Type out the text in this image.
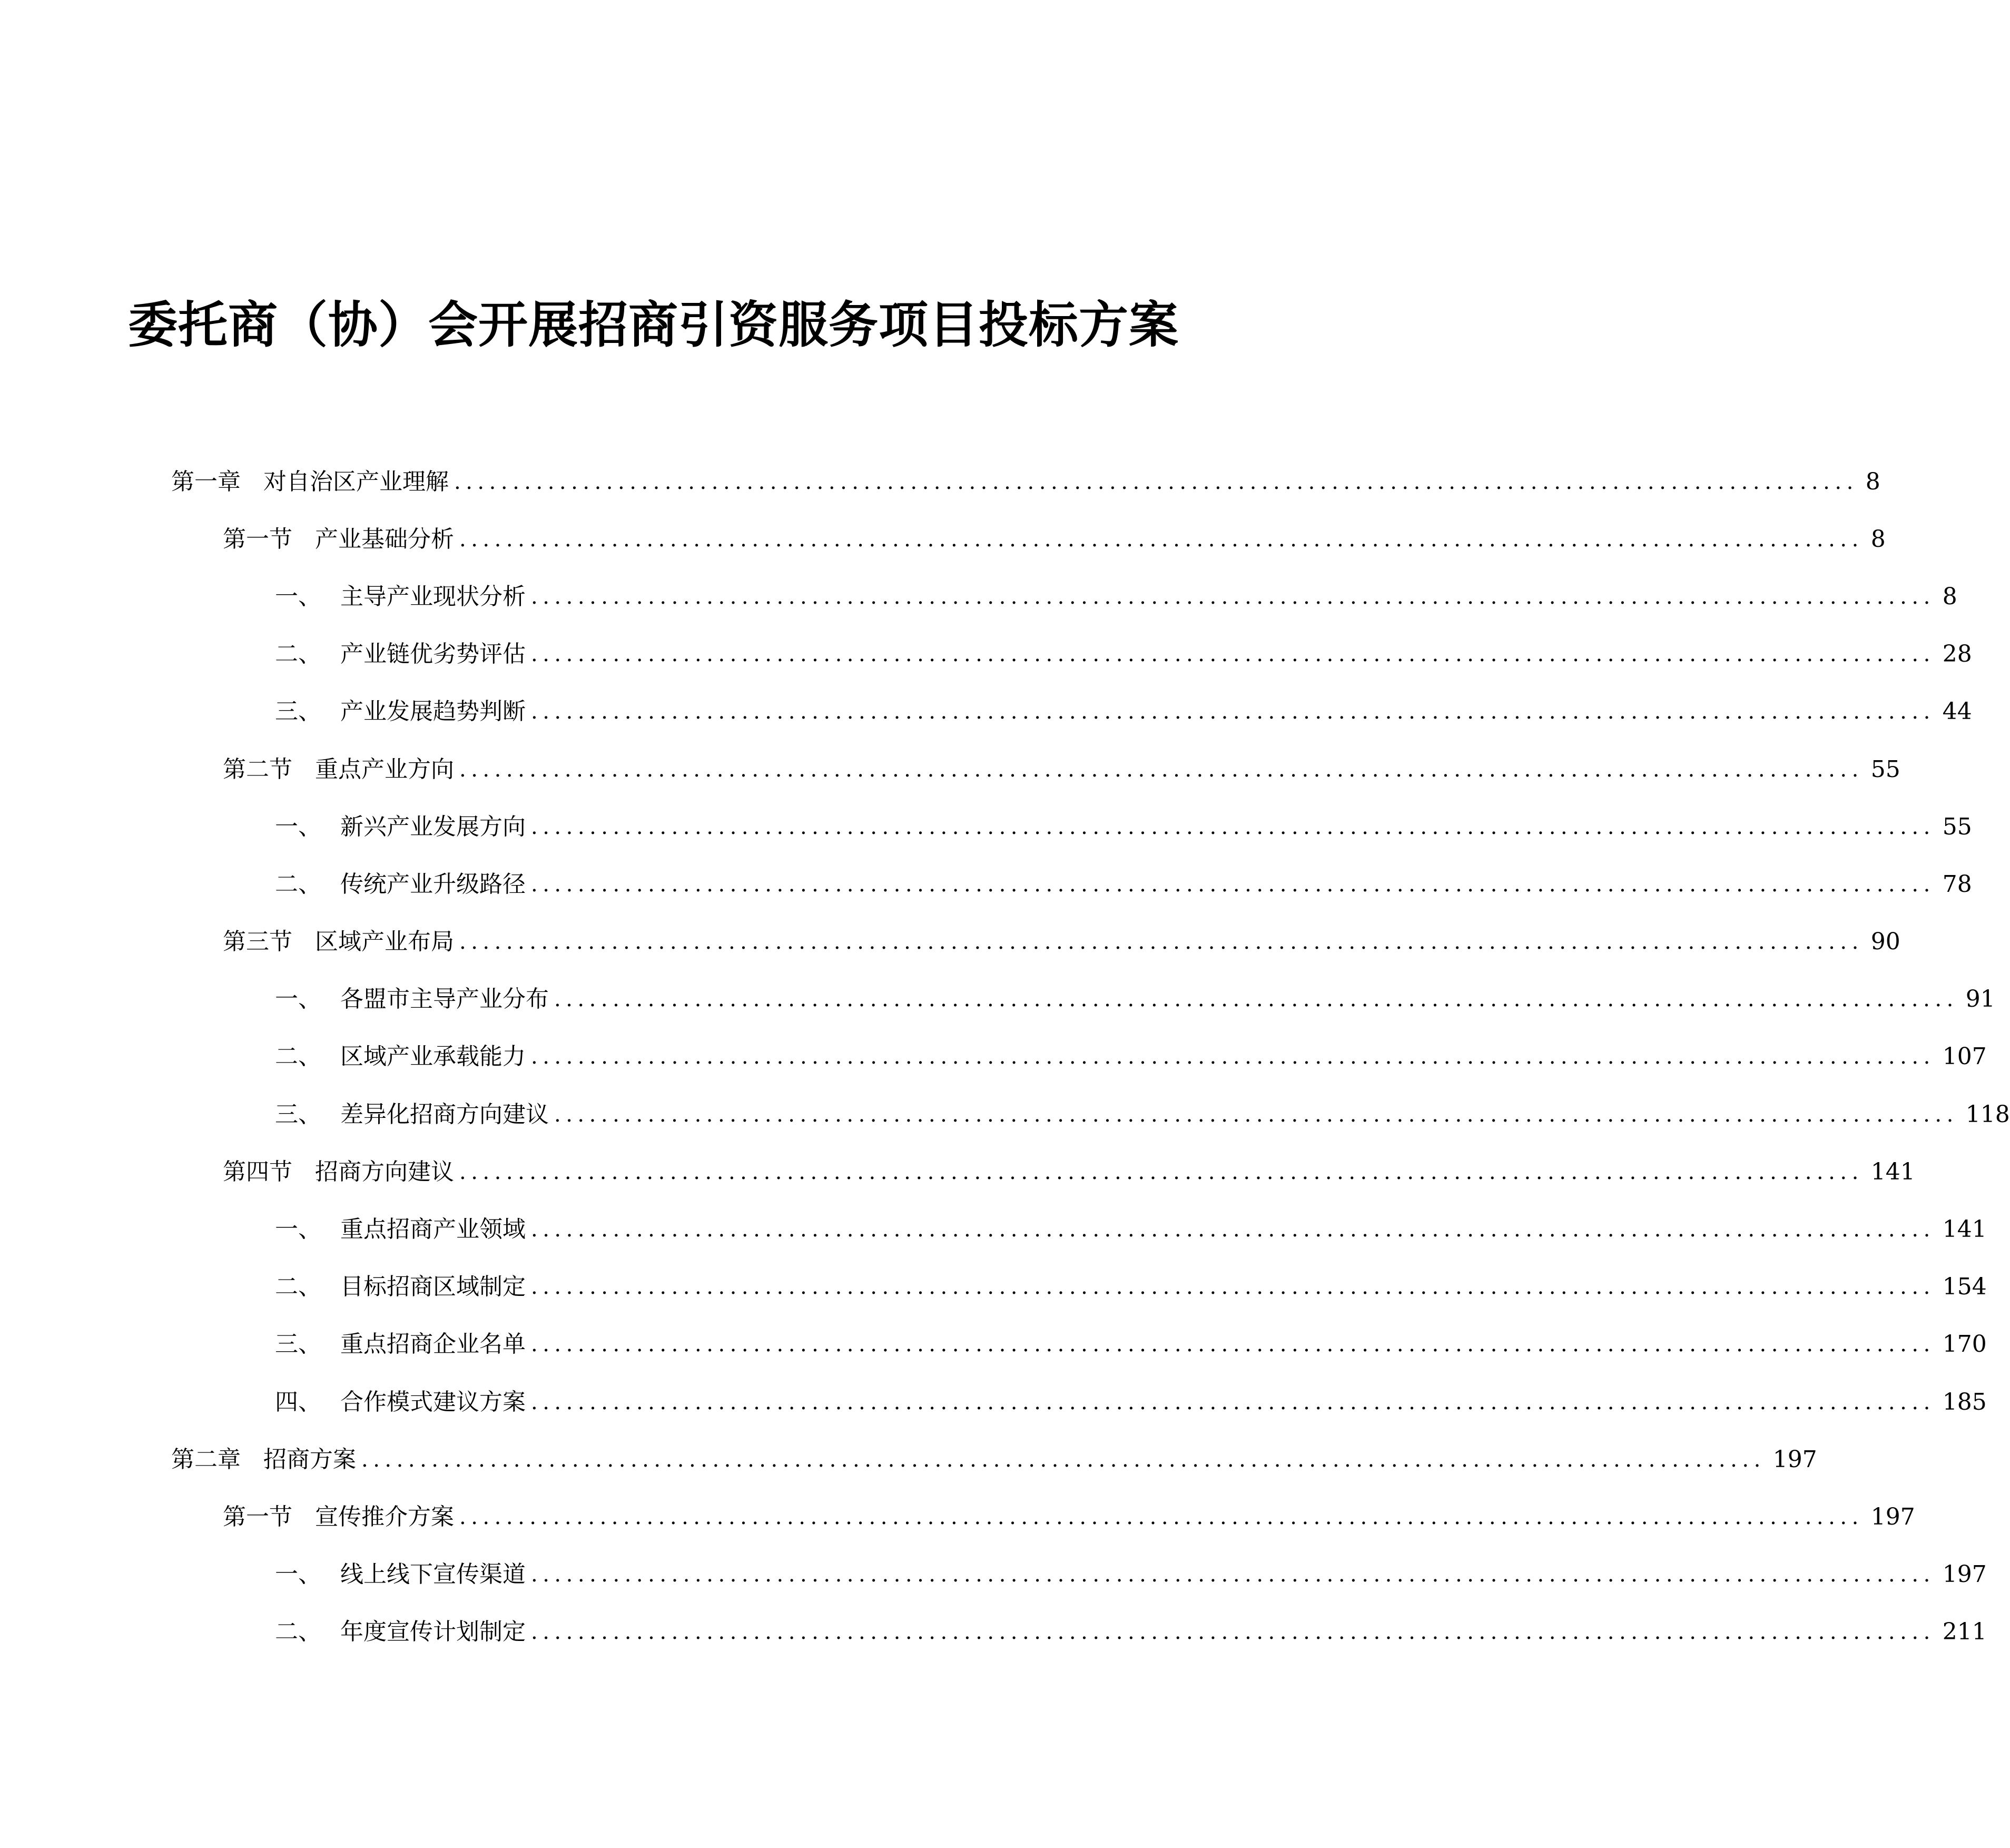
委托商（协）会开展招商引资服务项目投标方案
第一章 对自治区产业理解 ........................................................................................................................ 8
第一节 产业基础分析 ........................................................................................................................ 8
一、 主导产业现状分析 ........................................................................................................................ 8
二、 产业链优劣势评估 ........................................................................................................................ 28
三、 产业发展趋势判断 ........................................................................................................................ 44
第二节 重点产业方向 ........................................................................................................................ 55
一、 新兴产业发展方向 ........................................................................................................................ 55
二、 传统产业升级路径 ........................................................................................................................ 78
第三节 区域产业布局 ........................................................................................................................ 90
一、 各盟市主导产业分布 ........................................................................................................................ 91
二、 区域产业承载能力 ........................................................................................................................ 107
三、 差异化招商方向建议 ........................................................................................................................ 118
第四节 招商方向建议 ........................................................................................................................ 141
一、 重点招商产业领域 ........................................................................................................................ 141
二、 目标招商区域制定 ........................................................................................................................ 154
三、 重点招商企业名单 ........................................................................................................................ 170
四、 合作模式建议方案 ........................................................................................................................ 185
第二章 招商方案 ........................................................................................................................ 197
第一节 宣传推介方案 ........................................................................................................................ 197
一、 线上线下宣传渠道 ........................................................................................................................ 197
二、 年度宣传计划制定 ........................................................................................................................ 211
